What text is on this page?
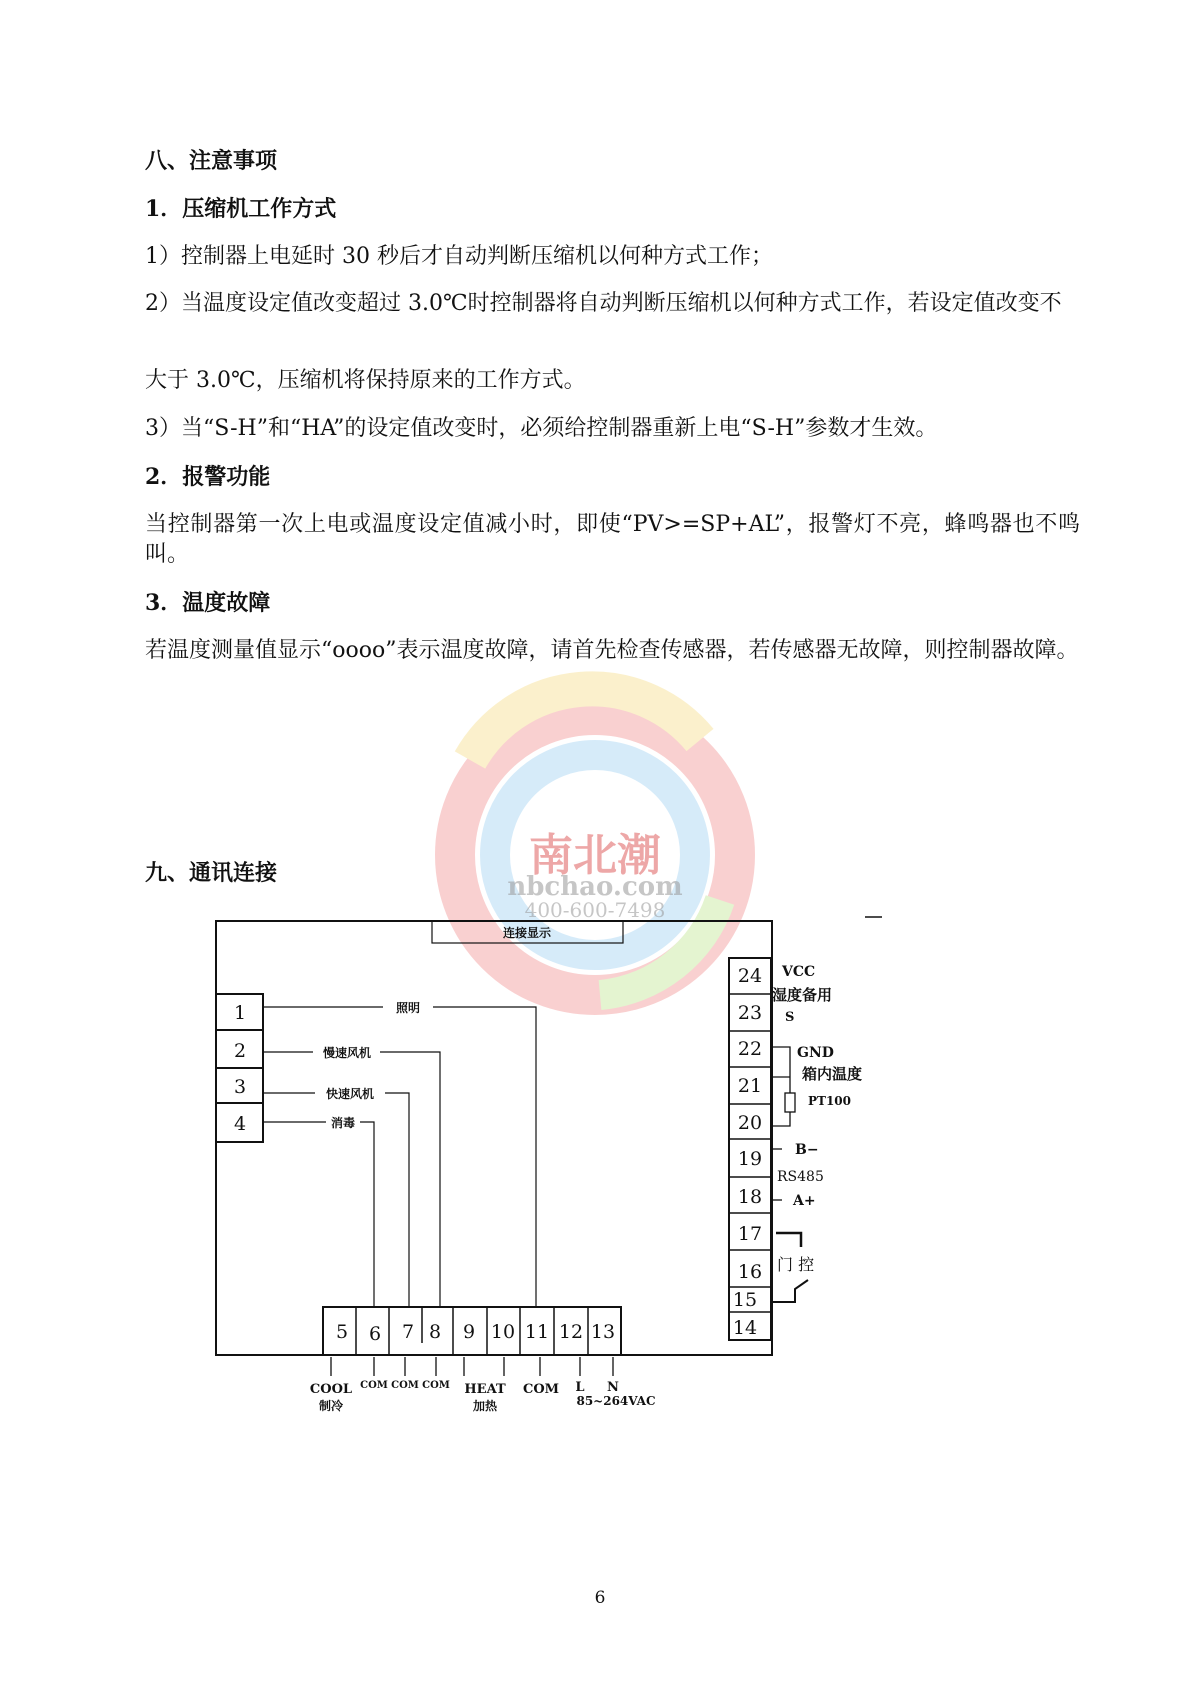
八、注意事项
1．压缩机工作方式
1）控制器上电延时 30 秒后才自动判断压缩机以何种方式工作；
2）当温度设定值改变超过 3.0℃时控制器将自动判断压缩机以何种方式工作，若设定值改变不
大于 3.0℃，压缩机将保持原来的工作方式。
3）当“S-H”和“HA”的设定值改变时，必须给控制器重新上电“S-H”参数才生效。
2．报警功能
当控制器第一次上电或温度设定值减小时，即使“PV>=SP+AL”，报警灯不亮，蜂鸣器也不鸣叫。
3．温度故障
若温度测量值显示“oooo”表示温度故障，请首先检查传感器，若传感器无故障，则控制器故障。
南北潮
nbchao.com
400-600-7498
九、通讯连接
连接显示
照明
慢速风机
快速风机
消毒
1
2
3
4
5 6 7 8 9 10 11 12 13
24
23
22
21
20
19
18
17
16
15
14
COOL
制冷
COM COM COM HEAT
加热
COM L N
85~264VAC
VCC
湿度备用
S
GND
箱内温度
PT100
B−
RS485
A+
门 控
6
